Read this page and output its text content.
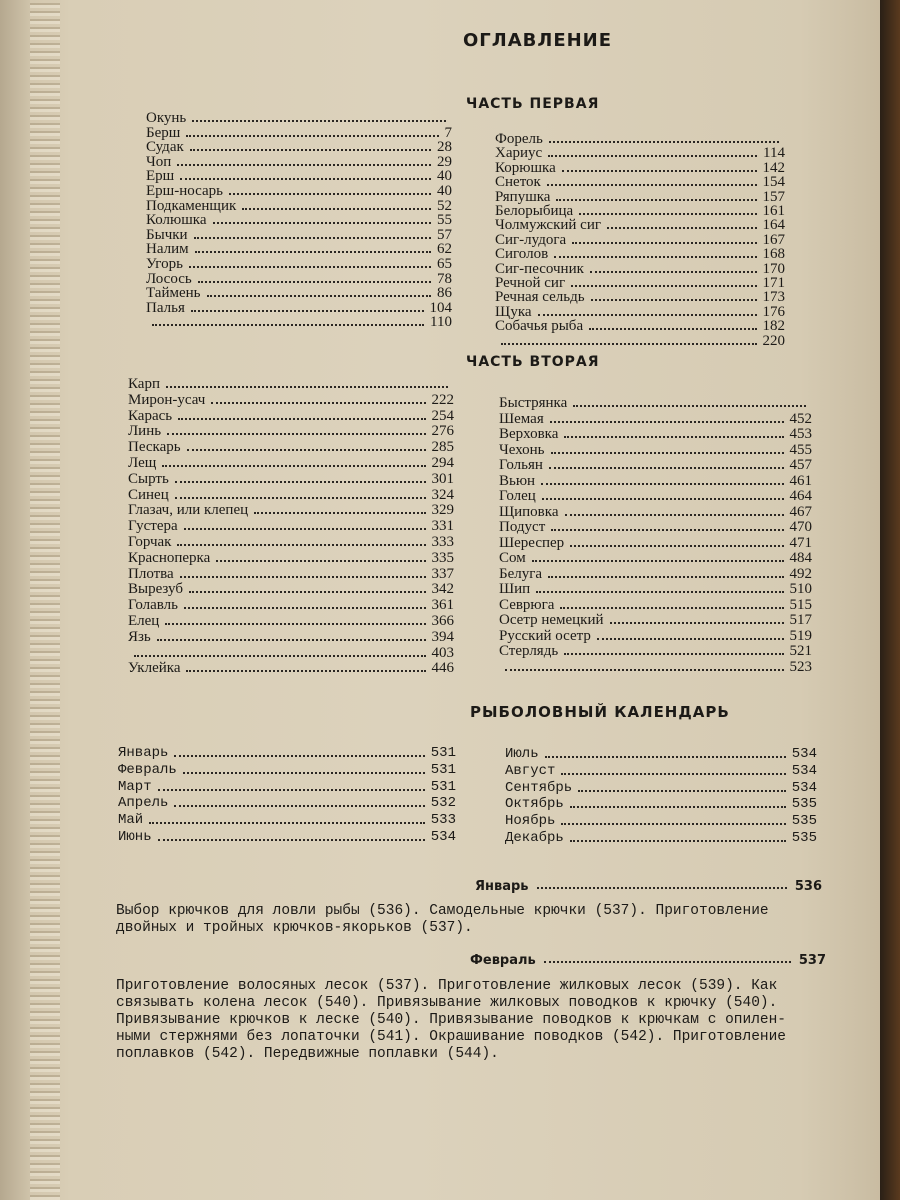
ОГЛАВЛЕНИЕ
ЧАСТЬ ПЕРВАЯ
ЧАСТЬ ВТОРАЯ
РЫБОЛОВНЫЙ КАЛЕНДАРЬ
Окунь
Берш	7
Судак	28
Чоп	29
Ерш	40
Ерш-носарь	40
Подкаменщик	52
Колюшка	55
Бычки	57
Налим	62
Угорь	65
Лосось	78
Таймень	86
Палья	104
110
Форель
Хариус	114
Корюшка	142
Снеток	154
Ряпушка	157
Белорыбица	161
Чолмужский сиг	164
Сиг-лудога	167
Сиголов	168
Сиг-песочник	170
Речной сиг	171
Речная сельдь	173
Щука	176
Собачья рыба	182
220
Карп
Мирон-усач	222
Карась	254
Линь	276
Пескарь	285
Лещ	294
Сырть	301
Синец	324
Глазач, или клепец	329
Густера	331
Горчак	333
Красноперка	335
Плотва	337
Вырезуб	342
Голавль	361
Елец	366
Язь	394
403
Уклейка	446
Быстрянка
Шемая	452
Верховка	453
Чехонь	455
Гольян	457
Вьюн	461
Голец	464
Щиповка	467
Подуст	470
Шереспер	471
Сом	484
Белуга	492
Шип	510
Севрюга	515
Осетр немецкий	517
Русский осетр	519
Стерлядь	521
523
Январь	531
Февраль	531
Март	531
Апрель	532
Май	533
Июнь	534
Июль	534
Август	534
Сентябрь	534
Октябрь	535
Ноябрь	535
Декабрь	535
Январь	536
Выбор крючков для ловли рыбы (536). Самодельные крючки (537). Приготовление
двойных и тройных крючков-якорьков (537).
Февраль	537
Приготовление волосяных лесок (537). Приготовление жилковых лесок (539). Как
связывать колена лесок (540). Привязывание жилковых поводков к крючку (540).
Привязывание крючков к леске (540). Привязывание поводков к крючкам с опилен-
ными стержнями без лопаточки (541). Окрашивание поводков (542). Приготовление
поплавков (542). Передвижные поплавки (544).
